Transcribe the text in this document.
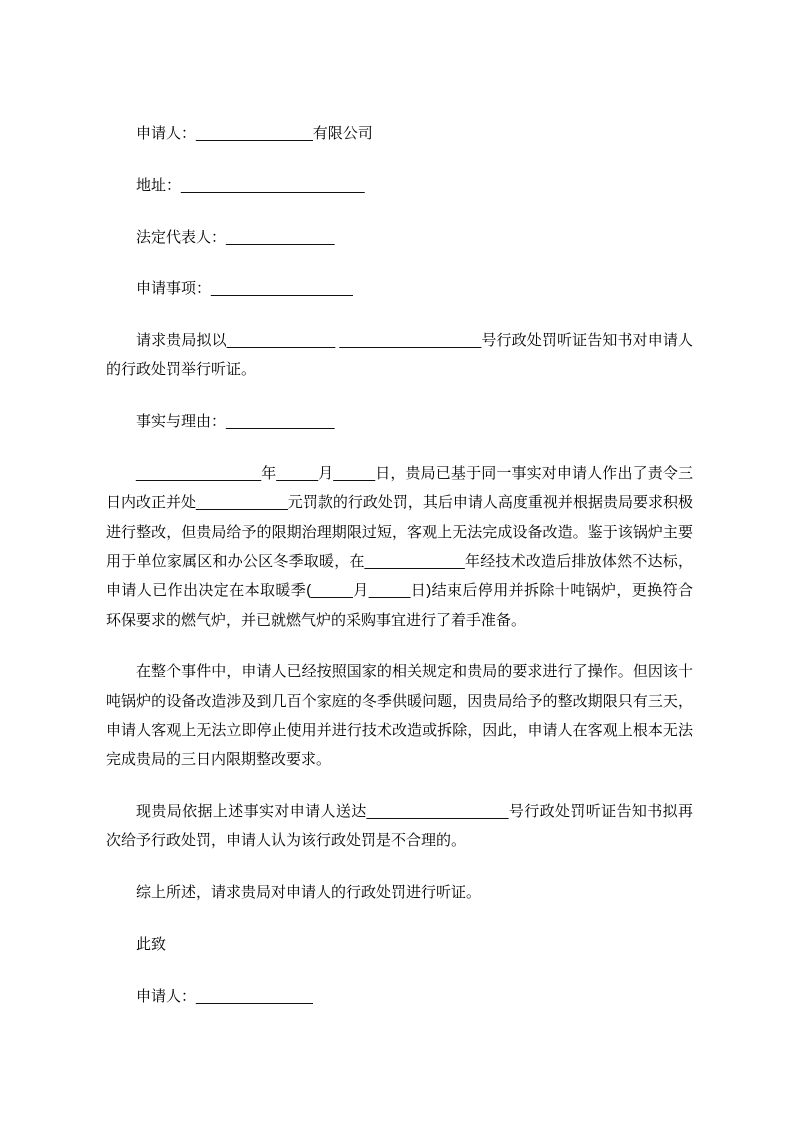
申请人：______________有限公司

地址：______________________

法定代表人：_____________

申请事项：_________________

请求贵局拟以_____________ _________________号行政处罚听证告知书对申请人的行政处罚举行听证。

事实与理由：_____________

_______________年_____月_____日，贵局已基于同一事实对申请人作出了责令三日内改正并处___________元罚款的行政处罚，其后申请人高度重视并根据贵局要求积极进行整改，但贵局给予的限期治理期限过短，客观上无法完成设备改造。鉴于该锅炉主要用于单位家属区和办公区冬季取暖，在____________年经技术改造后排放体然不达标，申请人已作出决定在本取暖季(_____月_____日)结束后停用并拆除十吨锅炉，更换符合环保要求的燃气炉，并已就燃气炉的采购事宜进行了着手准备。

在整个事件中，申请人已经按照国家的相关规定和贵局的要求进行了操作。但因该十吨锅炉的设备改造涉及到几百个家庭的冬季供暖问题，因贵局给予的整改期限只有三天，申请人客观上无法立即停止使用并进行技术改造或拆除，因此，申请人在客观上根本无法完成贵局的三日内限期整改要求。

现贵局依据上述事实对申请人送达_________________号行政处罚听证告知书拟再次给予行政处罚，申请人认为该行政处罚是不合理的。

综上所述，请求贵局对申请人的行政处罚进行听证。

此致

申请人：______________
